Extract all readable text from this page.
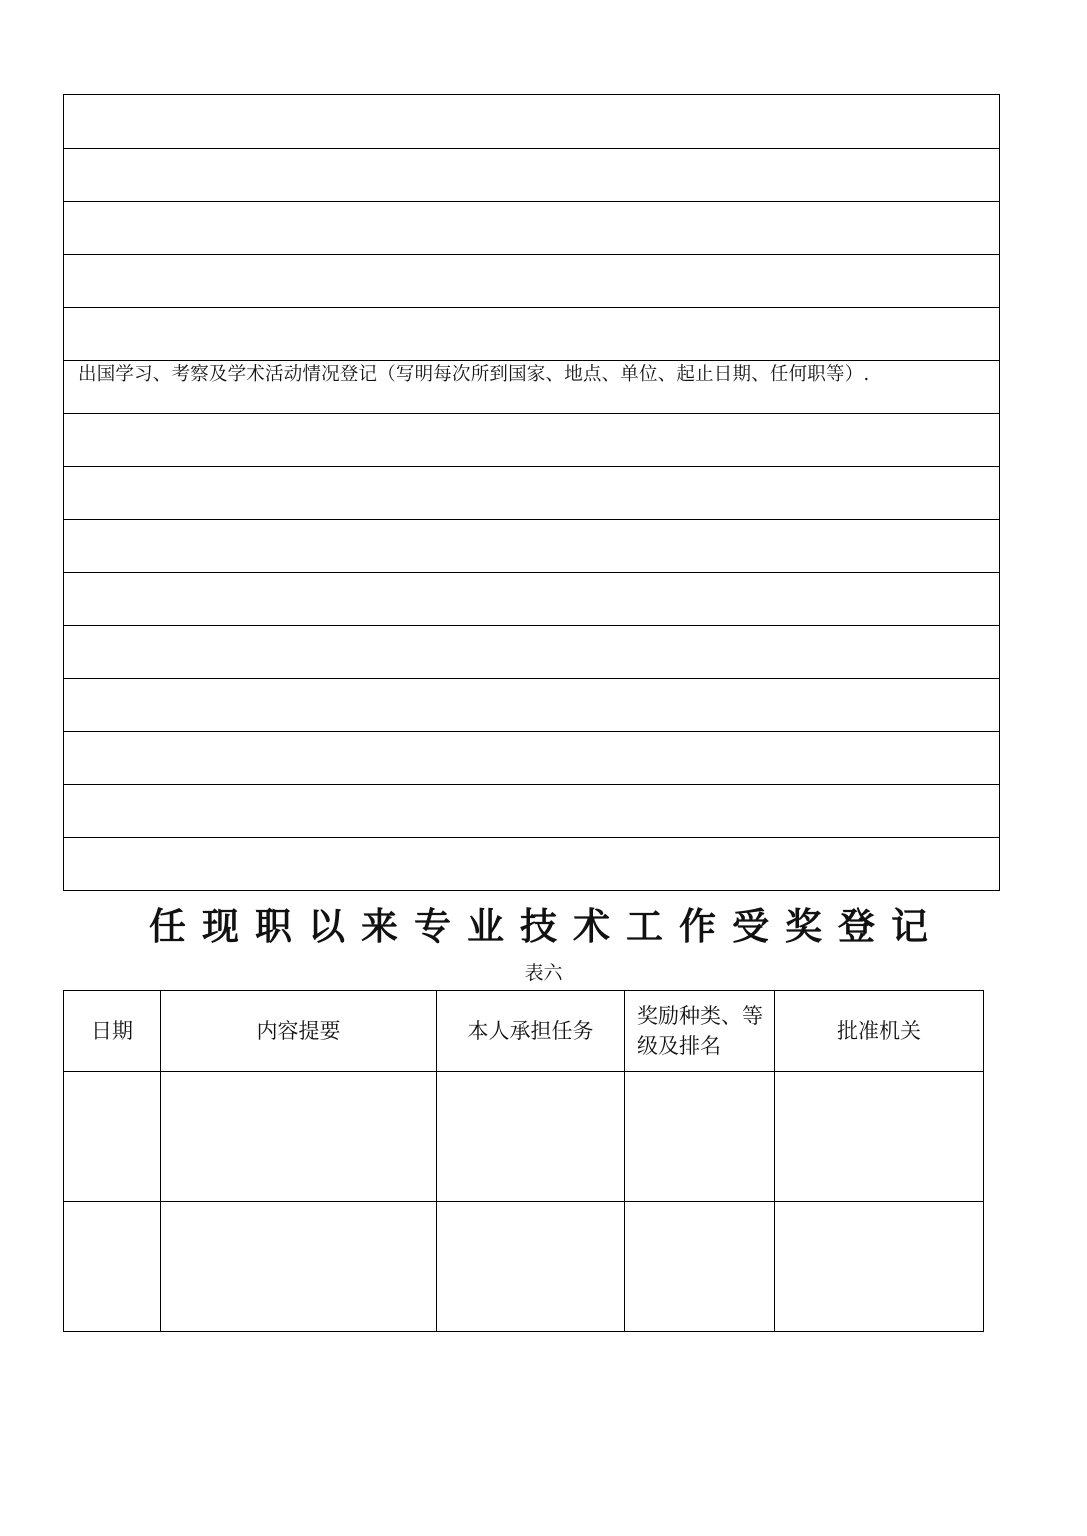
出国学习、考察及学术活动情况登记（写明每次所到国家、地点、单位、起止日期、任何职等）.
任现职以来专业技术工作受奖登记
表六
日期	内容提要	本人承担任务	奖励种类、等级及排名	批准机关
